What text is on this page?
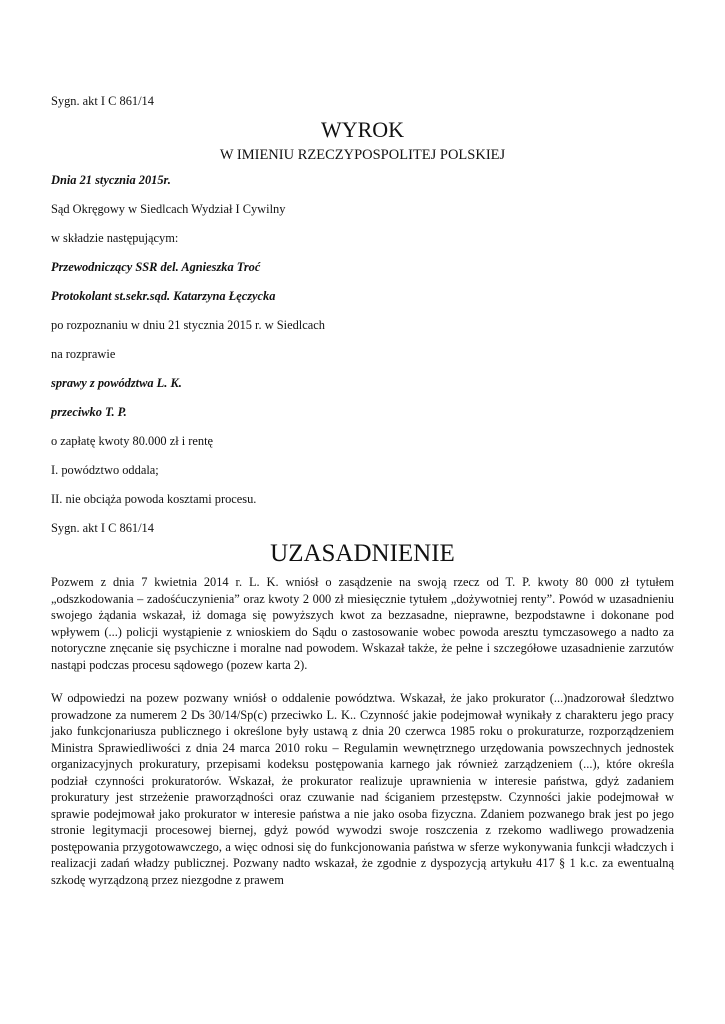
Sygn. akt I C 861/14

WYROK

W IMIENIU RZECZYPOSPOLITEJ POLSKIEJ

Dnia 21 stycznia 2015r.

Sąd Okręgowy w Siedlcach Wydział I Cywilny

w składzie następującym:

Przewodniczący SSR del. Agnieszka Troć

Protokolant st.sekr.sąd. Katarzyna Łęczycka

po rozpoznaniu w dniu 21 stycznia 2015 r. w Siedlcach

na rozprawie

sprawy z powództwa L. K.

przeciwko T. P.

o zapłatę kwoty 80.000 zł i rentę

I. powództwo oddala;

II. nie obciąża powoda kosztami procesu.

Sygn. akt I C 861/14

UZASADNIENIE

Pozwem z dnia 7 kwietnia 2014 r. L. K. wniósł o zasądzenie na swoją rzecz od T. P. kwoty 80 000 zł tytułem „odszkodowania – zadośćuczynienia” oraz kwoty 2 000 zł miesięcznie tytułem „dożywotniej renty”. Powód w uzasadnieniu swojego żądania wskazał, iż domaga się powyższych kwot za bezzasadne, nieprawne, bezpodstawne i dokonane pod wpływem (...) policji wystąpienie z wnioskiem do Sądu o zastosowanie wobec powoda aresztu tymczasowego a nadto za notoryczne znęcanie się psychiczne i moralne nad powodem. Wskazał także, że pełne i szczegółowe uzasadnienie zarzutów nastąpi podczas procesu sądowego (pozew karta 2).

W odpowiedzi na pozew pozwany wniósł o oddalenie powództwa. Wskazał, że jako prokurator (...)nadzorował śledztwo prowadzone za numerem 2 Ds 30/14/Sp(c) przeciwko L. K.. Czynność jakie podejmował wynikały z charakteru jego pracy jako funkcjonariusza publicznego i określone były ustawą z dnia 20 czerwca 1985 roku o prokuraturze, rozporządzeniem Ministra Sprawiedliwości z dnia 24 marca 2010 roku – Regulamin wewnętrznego urzędowania powszechnych jednostek organizacyjnych prokuratury, przepisami kodeksu postępowania karnego jak również zarządzeniem (...), które określa podział czynności prokuratorów. Wskazał, że prokurator realizuje uprawnienia w interesie państwa, gdyż zadaniem prokuratury jest strzeżenie praworządności oraz czuwanie nad ściganiem przestępstw. Czynności jakie podejmował w sprawie podejmował jako prokurator w interesie państwa a nie jako osoba fizyczna. Zdaniem pozwanego brak jest po jego stronie legitymacji procesowej biernej, gdyż powód wywodzi swoje roszczenia z rzekomo wadliwego prowadzenia postępowania przygotowawczego, a więc odnosi się do funkcjonowania państwa w sferze wykonywania funkcji władczych i realizacji zadań władzy publicznej. Pozwany nadto wskazał, że zgodnie z dyspozycją artykułu 417 § 1 k.c. za ewentualną szkodę wyrządzoną przez niezgodne z prawem
